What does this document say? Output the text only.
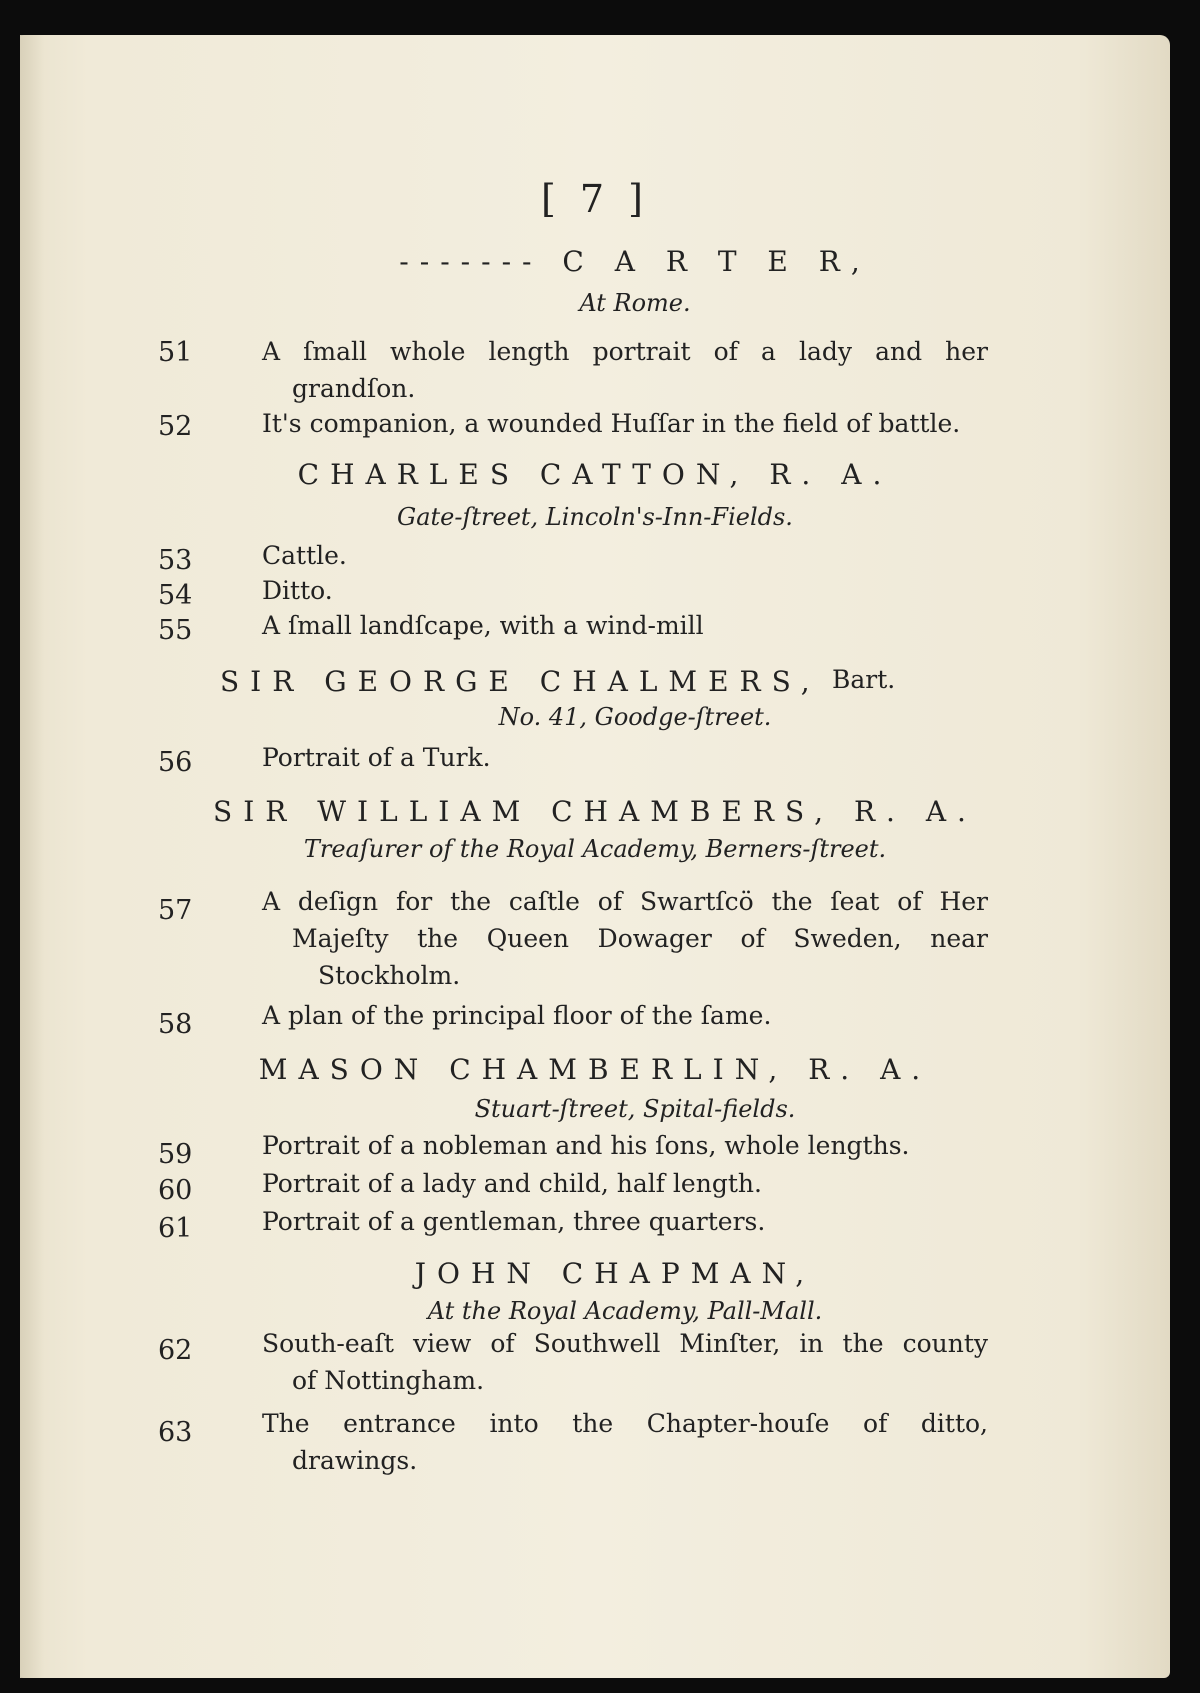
[ 7 ]
------- C A R T E R,
At Rome.
51	A ſmall whole length portrait of a lady and her
grandſon.
52	It's companion, a wounded Huſſar in the field of battle.
CHARLES CATTON, R. A.
Gate-ſtreet, Lincoln's-Inn-Fields.
53	Cattle.
54	Ditto.
55	A ſmall landſcape, with a wind-mill
SIR GEORGE CHALMERS, Bart.
No. 41, Goodge-ſtreet.
56	Portrait of a Turk.
SIR WILLIAM CHAMBERS, R. A.
Treaſurer of the Royal Academy, Berners-ſtreet.
57	A deſign for the caſtle of Swartſcö the ſeat of Her
Majeſty the Queen Dowager of Sweden, near
Stockholm.
58	A plan of the principal floor of the ſame.
MASON CHAMBERLIN, R. A.
Stuart-ſtreet, Spital-fields.
59	Portrait of a nobleman and his ſons, whole lengths.
60	Portrait of a lady and child, half length.
61	Portrait of a gentleman, three quarters.
JOHN CHAPMAN,
At the Royal Academy, Pall-Mall.
62	South-eaſt view of Southwell Minſter, in the county
of Nottingham.
63	The entrance into the Chapter-houſe of ditto,
drawings.
